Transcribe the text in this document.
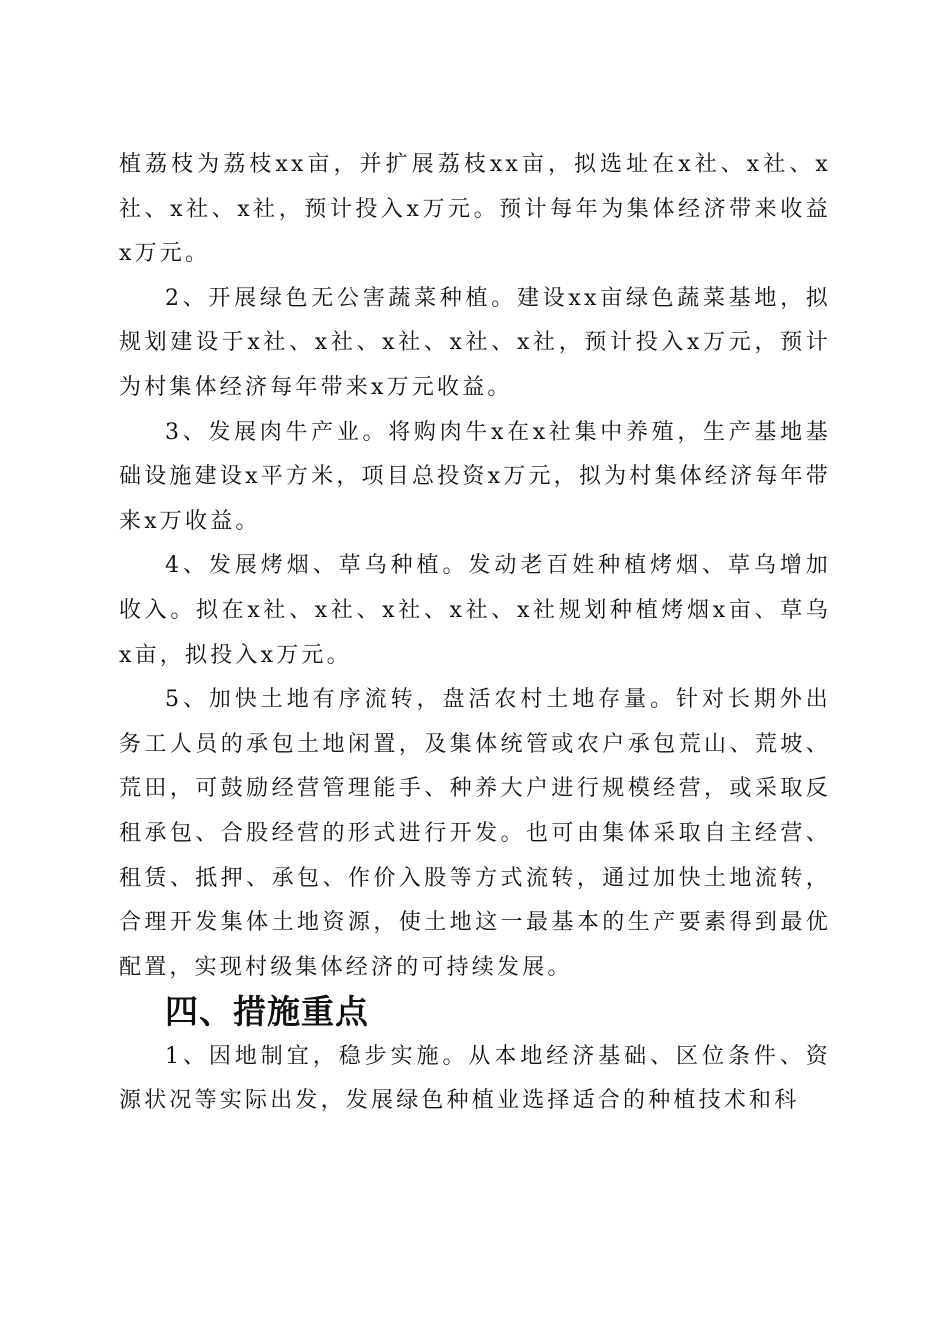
植荔枝为荔枝xx亩，并扩展荔枝xx亩，拟选址在x社、x社、x社、x社、x社，预计投入x万元。预计每年为集体经济带来收益x万元。

2、开展绿色无公害蔬菜种植。建设xx亩绿色蔬菜基地，拟规划建设于x社、x社、x社、x社、x社，预计投入x万元，预计为村集体经济每年带来x万元收益。

3、发展肉牛产业。将购肉牛x在x社集中养殖，生产基地基础设施建设x平方米，项目总投资x万元，拟为村集体经济每年带来x万收益。

4、发展烤烟、草乌种植。发动老百姓种植烤烟、草乌增加收入。拟在x社、x社、x社、x社、x社规划种植烤烟x亩、草乌x亩，拟投入x万元。

5、加快土地有序流转，盘活农村土地存量。针对长期外出务工人员的承包土地闲置，及集体统管或农户承包荒山、荒坡、荒田，可鼓励经营管理能手、种养大户进行规模经营，或采取反租承包、合股经营的形式进行开发。也可由集体采取自主经营、租赁、抵押、承包、作价入股等方式流转，通过加快土地流转，合理开发集体土地资源，使土地这一最基本的生产要素得到最优配置，实现村级集体经济的可持续发展。

四、措施重点

1、因地制宜，稳步实施。从本地经济基础、区位条件、资源状况等实际出发，发展绿色种植业选择适合的种植技术和科
